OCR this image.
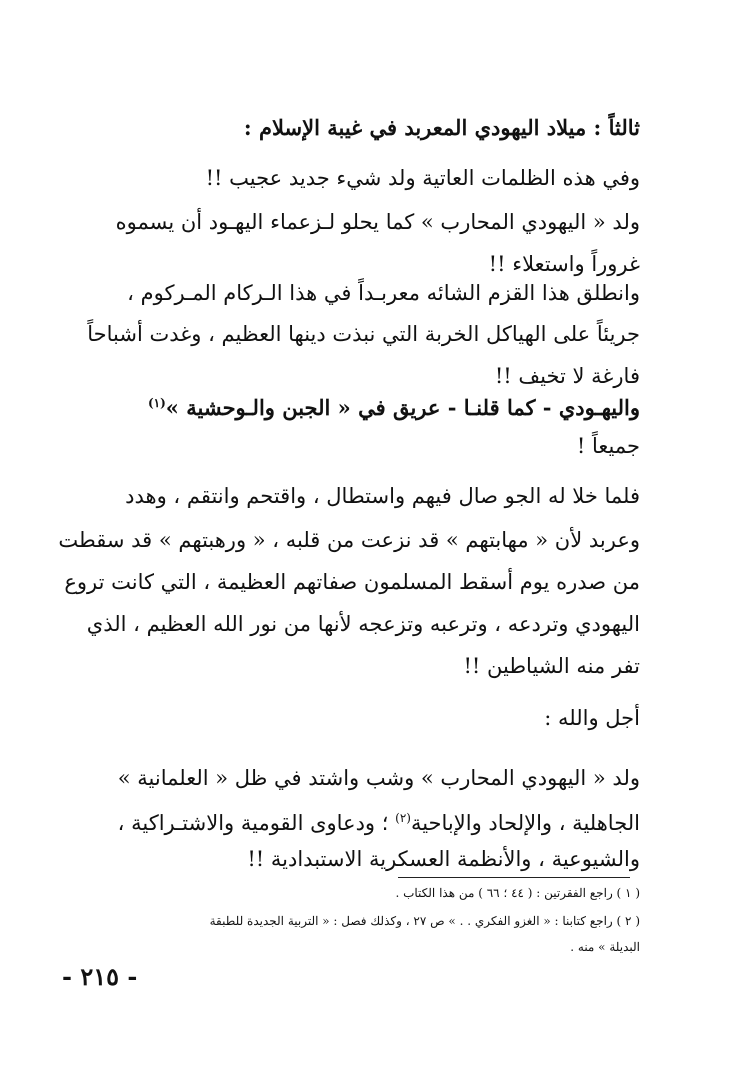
ثالثاً : ميلاد اليهودي المعربد في غيبة الإسلام :
وفي هذه الظلمات العاتية ولد شيء جديد عجيب !!
ولد « اليهودي المحارب » كما يحلو لـزعماء اليهـود أن يسموه
غروراً واستعلاء !!
وانطلق هذا القزم الشائه معربـداً في هذا الـركام المـركوم ،
جريئاً على الهياكل الخربة التي نبذت دينها العظيم ، وغدت أشباحاً
فارغة لا تخيف !!
واليهـودي - كما قلنـا - عريق في « الجبن والـوحشية »$^{(١)}$
جميعاً !
فلما خلا له الجو صال فيهم واستطال ، واقتحم وانتقم ، وهدد
وعربد لأن « مهابتهم » قد نزعت من قلبه ، « ورهبتهم » قد سقطت
من صدره يوم أسقط المسلمون صفاتهم العظيمة ، التي كانت تروع
اليهودي وتردعه ، وترعبه وتزعجه لأنها من نور الله العظيم ، الذي
تفر منه الشياطين !!
أجل والله :
ولد « اليهودي المحارب » وشب واشتد في ظل « العلمانية »
الجاهلية ، والإلحاد والإباحية$^{(٢)}$ ؛ ودعاوى القومية والاشتـراكية ،
والشيوعية ، والأنظمة العسكرية الاستبدادية !!
( ١ ) راجع الفقرتين : ( ٤٤ ؛ ٦٦ ) من هذا الكتاب .
( ٢ ) راجع كتابنا : « الغزو الفكري . . » ص ٢٧ ، وكذلك فصل : « التربية الجديدة للطبقة
البديلة » منه .
- ٢١٥ -
